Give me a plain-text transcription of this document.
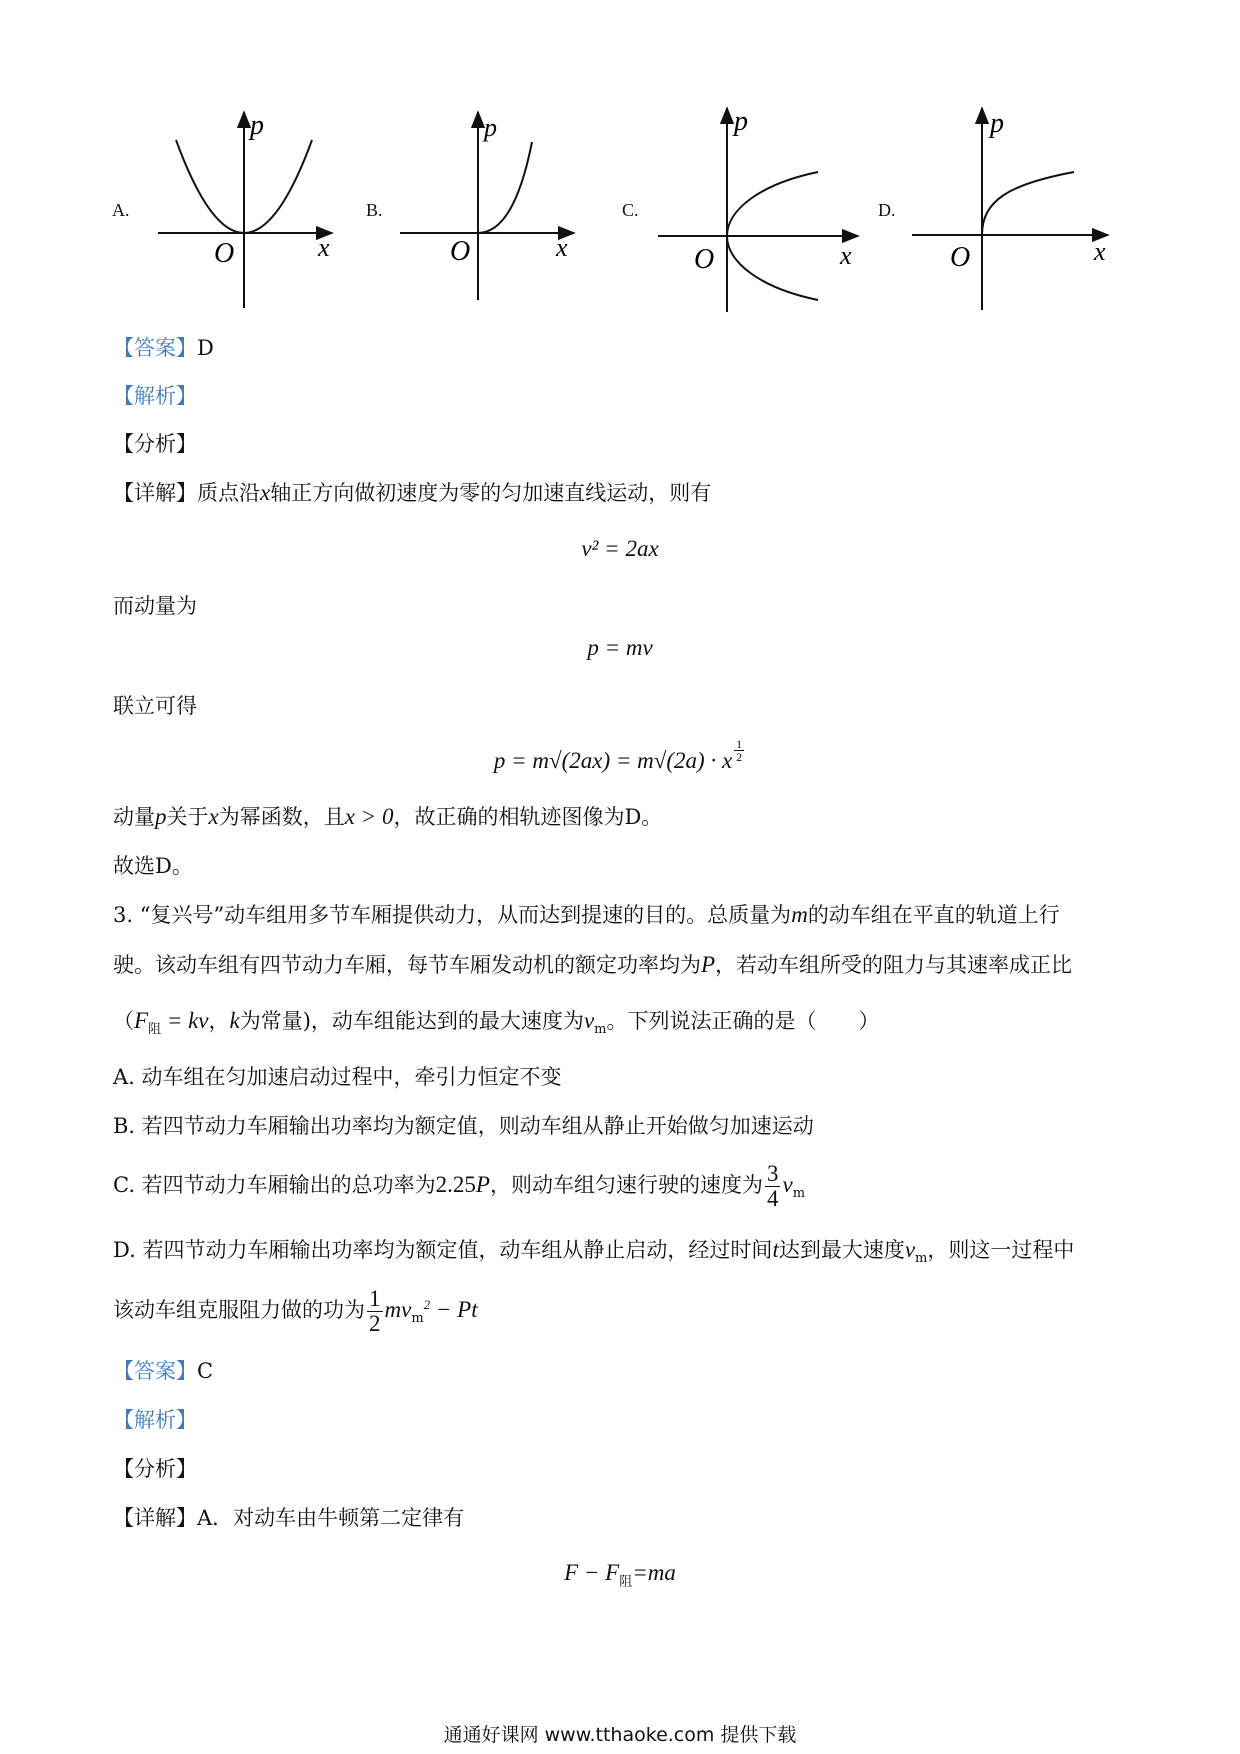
A.	B.	C.	D.
p
x
O
p
x
O
p
x
O
p
x
O
【答案】D
【解析】
【分析】
【详解】质点沿x轴正方向做初速度为零的匀加速直线运动，则有
v² = 2ax
而动量为
p = mv
联立可得
p = m√(2ax) = m√(2a) · x $\frac{1}{2}$
动量p关于x为幂函数，且x > 0，故正确的相轨迹图像为D。
故选D。
3. “复兴号”动车组用多节车厢提供动力，从而达到提速的目的。总质量为m的动车组在平直的轨道上行
驶。该动车组有四节动力车厢，每节车厢发动机的额定功率均为P，若动车组所受的阻力与其速率成正比
（$F_阻$ = kv，k为常量)，动车组能达到的最大速度为$v_m$。下列说法正确的是（　　）
A. 动车组在匀加速启动过程中，牵引力恒定不变
B. 若四节动力车厢输出功率均为额定值，则动车组从静止开始做匀加速运动
C. 若四节动力车厢输出的总功率为2.25P，则动车组匀速行驶的速度为 $\frac{3}{4} v_m$
D. 若四节动力车厢输出功率均为额定值，动车组从静止启动，经过时间t达到最大速度$v_m$，则这一过程中
该动车组克服阻力做的功为 $\frac{1}{2} mv_m^2 - Pt$
【答案】C
【解析】
【分析】
【详解】A．对动车由牛顿第二定律有
$F - F_阻=ma$
通通好课网 www.tthaoke.com 提供下载
